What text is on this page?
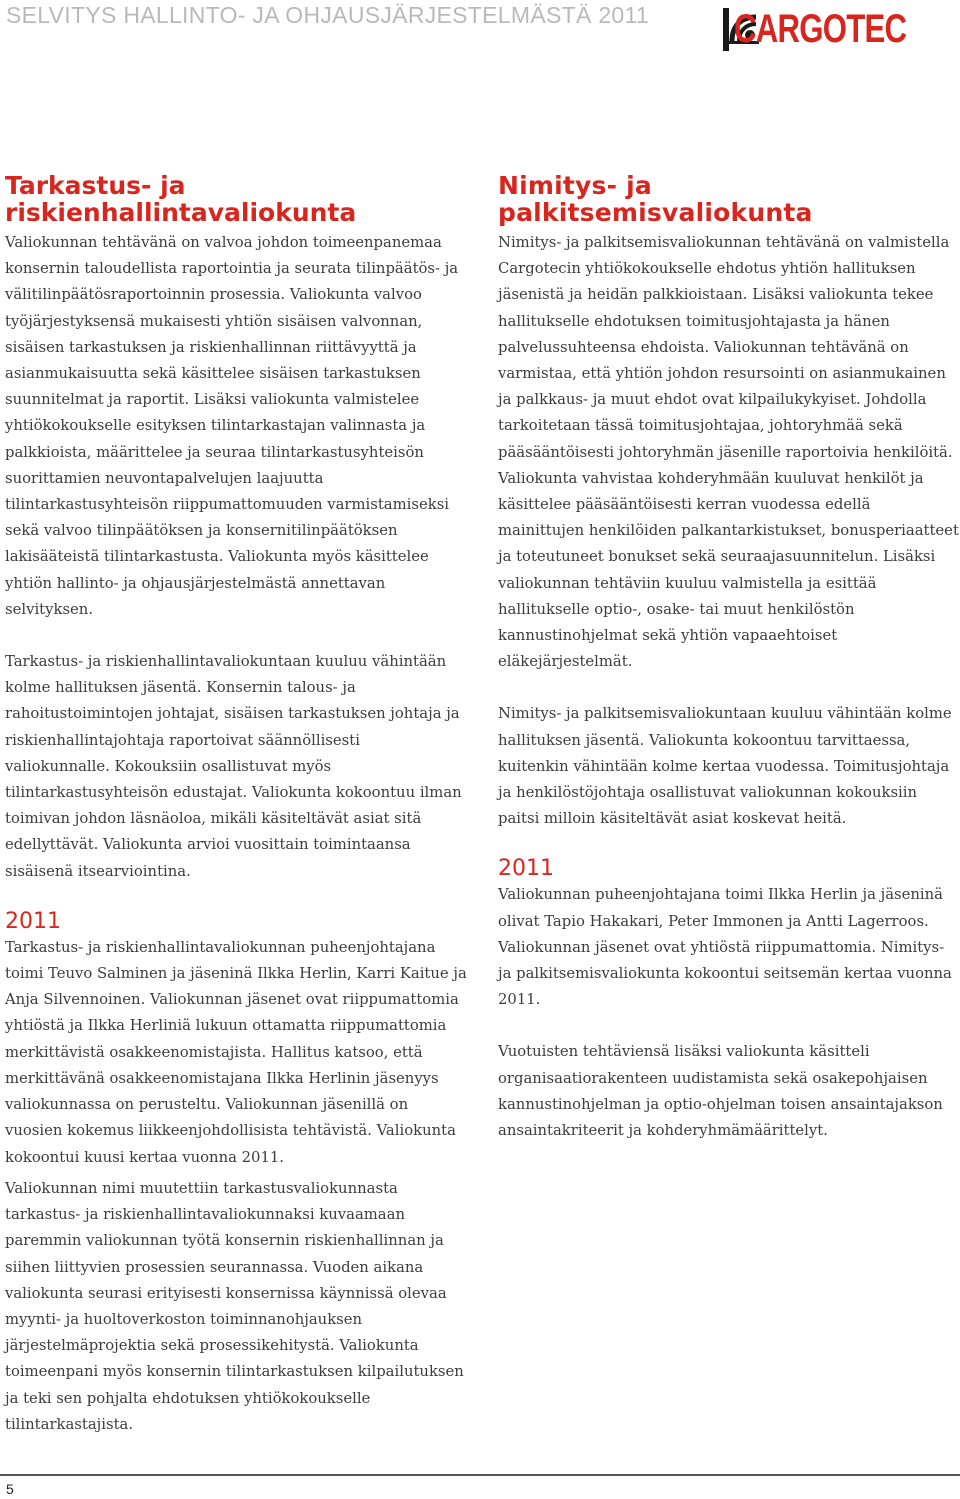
SELVITYS HALLINTO- JA OHJAUSJÄRJESTELMÄSTÄ 2011 CARGOTEC
Tarkastus- ja riskienhallintavaliokunta

Valiokunnan tehtävänä on valvoa johdon toimeenpanemaa konsernin taloudellista raportointia ja seurata tilinpäätös- ja välitilinpäätösraportoinnin prosessia. Valiokunta valvoo työjärjestyksensä mukaisesti yhtiön sisäisen valvonnan, sisäisen tarkastuksen ja riskienhallinnan riittävyyttä ja asianmukaisuutta sekä käsittelee sisäisen tarkastuksen suunnitelmat ja raportit. Lisäksi valiokunta valmistelee yhtiökokoukselle esityksen tilintarkastajan valinnasta ja palkkioista, määrittelee ja seuraa tilintarkastusyhteisön suorittamien neuvontapalvelujen laajuutta tilintarkastusyhteisön riippumattomuuden varmistamiseksi sekä valvoo tilinpäätöksen ja konsernitilinpäätöksen lakisääteistä tilintarkastusta. Valiokunta myös käsittelee yhtiön hallinto- ja ohjausjärjestelmästä annettavan selvityksen.

Tarkastus- ja riskienhallintavaliokuntaan kuuluu vähintään kolme hallituksen jäsentä. Konsernin talous- ja rahoitustoimintojen johtajat, sisäisen tarkastuksen johtaja ja riskienhallintajohtaja raportoivat säännöllisesti valiokunnalle. Kokouksiin osallistuvat myös tilintarkastusyhteisön edustajat. Valiokunta kokoontuu ilman toimivan johdon läsnäoloa, mikäli käsiteltävät asiat sitä edellyttävät. Valiokunta arvioi vuosittain toimintaansa sisäisenä itsearviointina.

2011

Tarkastus- ja riskienhallintavaliokunnan puheenjohtajana toimi Teuvo Salminen ja jäseninä Ilkka Herlin, Karri Kaitue ja Anja Silvennoinen. Valiokunnan jäsenet ovat riippumattomia yhtiöstä ja Ilkka Herliniä lukuun ottamatta riippumattomia merkittävistä osakkeenomistajista. Hallitus katsoo, että merkittävänä osakkeenomistajana Ilkka Herlinin jäsenyys valiokunnassa on perusteltu. Valiokunnan jäsenillä on vuosien kokemus liikkeenjohdollisista tehtävistä. Valiokunta kokoontui kuusi kertaa vuonna 2011.

Nimitys- ja palkitsemisvaliokunta

Nimitys- ja palkitsemisvaliokunnan tehtävänä on valmistella Cargotecin yhtiökokoukselle ehdotus yhtiön hallituksen jäsenistä ja heidän palkkioistaan. Lisäksi valiokunta tekee hallitukselle ehdotuksen toimitusjohtajasta ja hänen palvelussuhteensa ehdoista. Valiokunnan tehtävänä on varmistaa, että yhtiön johdon resursointi on asianmukainen ja palkkaus- ja muut ehdot ovat kilpailukykyiset. Johdolla tarkoitetaan tässä toimitusjohtajaa, johtoryhmää sekä pääsääntöisesti johtoryhmän jäsenille raportoivia henkilöitä. Valiokunta vahvistaa kohderyhmään kuuluvat henkilöt ja käsittelee pääsääntöisesti kerran vuodessa edellä mainittujen henkilöiden palkantarkistukset, bonusperiaatteet ja toteutuneet bonukset sekä seuraajasuunnitelun. Lisäksi valiokunnan tehtäviin kuuluu valmistella ja esittää hallitukselle optio-, osake- tai muut henkilöstön kannustinohjelmat sekä yhtiön vapaaehtoiset eläkejärjestelmät.

Nimitys- ja palkitsemisvaliokuntaan kuuluu vähintään kolme hallituksen jäsentä. Valiokunta kokoontuu tarvittaessa, kuitenkin vähintään kolme kertaa vuodessa. Toimitusjohtaja ja henkilöstöjohtaja osallistuvat valiokunnan kokouksiin paitsi milloin käsiteltävät asiat koskevat heitä.

2011

Valiokunnan puheenjohtajana toimi Ilkka Herlin ja jäseninä olivat Tapio Hakakari, Peter Immonen ja Antti Lagerroos. Valiokunnan jäsenet ovat yhtiöstä riippumattomia. Nimitys- ja palkitsemisvaliokunta kokoontui seitsemän kertaa vuonna 2011.

Vuotuisten tehtäviensä lisäksi valiokunta käsitteli organisaatiorakenteen uudistamista sekä osakepohjaisen kannustinohjelman ja optio-ohjelman toisen ansaintajakson ansaintakriteerit ja kohderyhmämäärittelyt.

Valiokunnan nimi muutettiin tarkastusvaliokunnasta tarkastus- ja riskienhallintavaliokunnaksi kuvaamaan paremmin valiokunnan työtä konsernin riskienhallinnan ja siihen liittyvien prosessien seurannassa. Vuoden aikana valiokunta seurasi erityisesti konsernissa käynnissä olevaa myynti- ja huoltoverkoston toiminnanohjauksen järjestelmäprojektia sekä prosessikehitystä. Valiokunta toimeenpani myös konsernin tilintarkastuksen kilpailutuksen ja teki sen pohjalta ehdotuksen yhtiökokoukselle tilintarkastajista.

5
